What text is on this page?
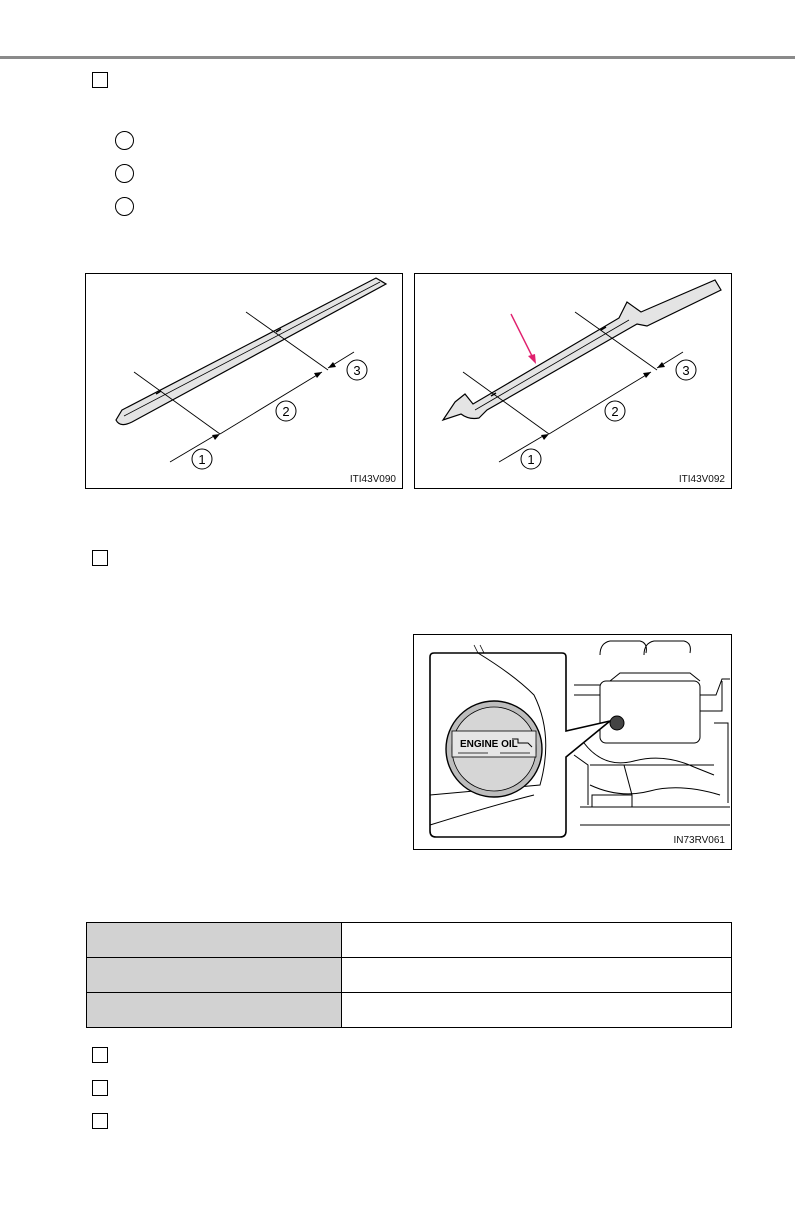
1
2
3
ITI43V090
1
2
3
ITI43V092
ENGINE OIL
IN73RV061
